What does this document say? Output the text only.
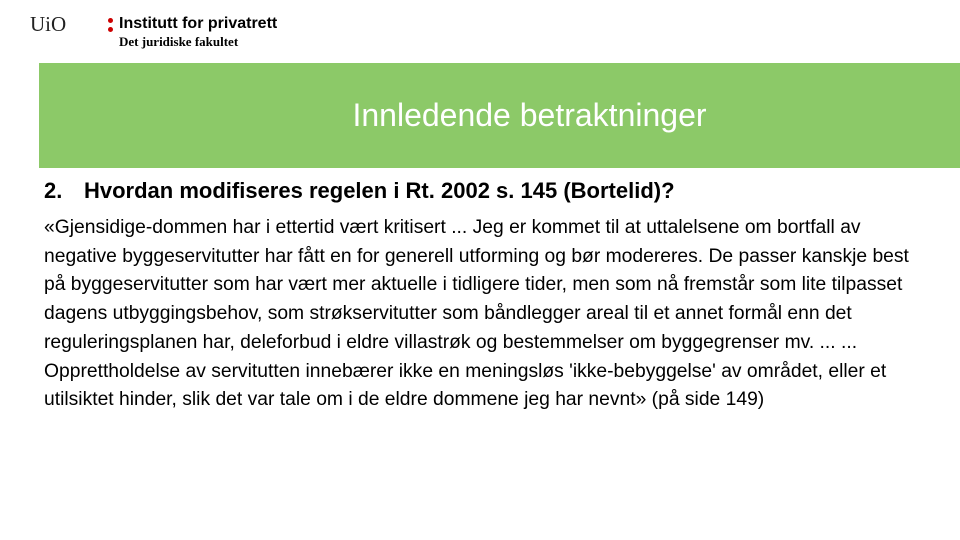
UiO	Institutt for privatrett
Det juridiske fakultet
Innledende betraktninger

2. Hvordan modifiseres regelen i Rt. 2002 s. 145 (Bortelid)?

«Gjensidige-dommen har i ettertid vært kritisert ... Jeg er kommet til at uttalelsene om bortfall av negative byggeservitutter har fått en for generell utforming og bør modereres. De passer kanskje best på byggeservitutter som har vært mer aktuelle i tidligere tider, men som nå fremstår som lite tilpasset dagens utbyggingsbehov, som strøkservitutter som båndlegger areal til et annet formål enn det reguleringsplanen har, deleforbud i eldre villastrøk og bestemmelser om byggegrenser mv. ... ... Opprettholdelse av servitutten innebærer ikke en meningsløs 'ikke-bebyggelse' av området, eller et utilsiktet hinder, slik det var tale om i de eldre dommene jeg har nevnt» (på side 149)
